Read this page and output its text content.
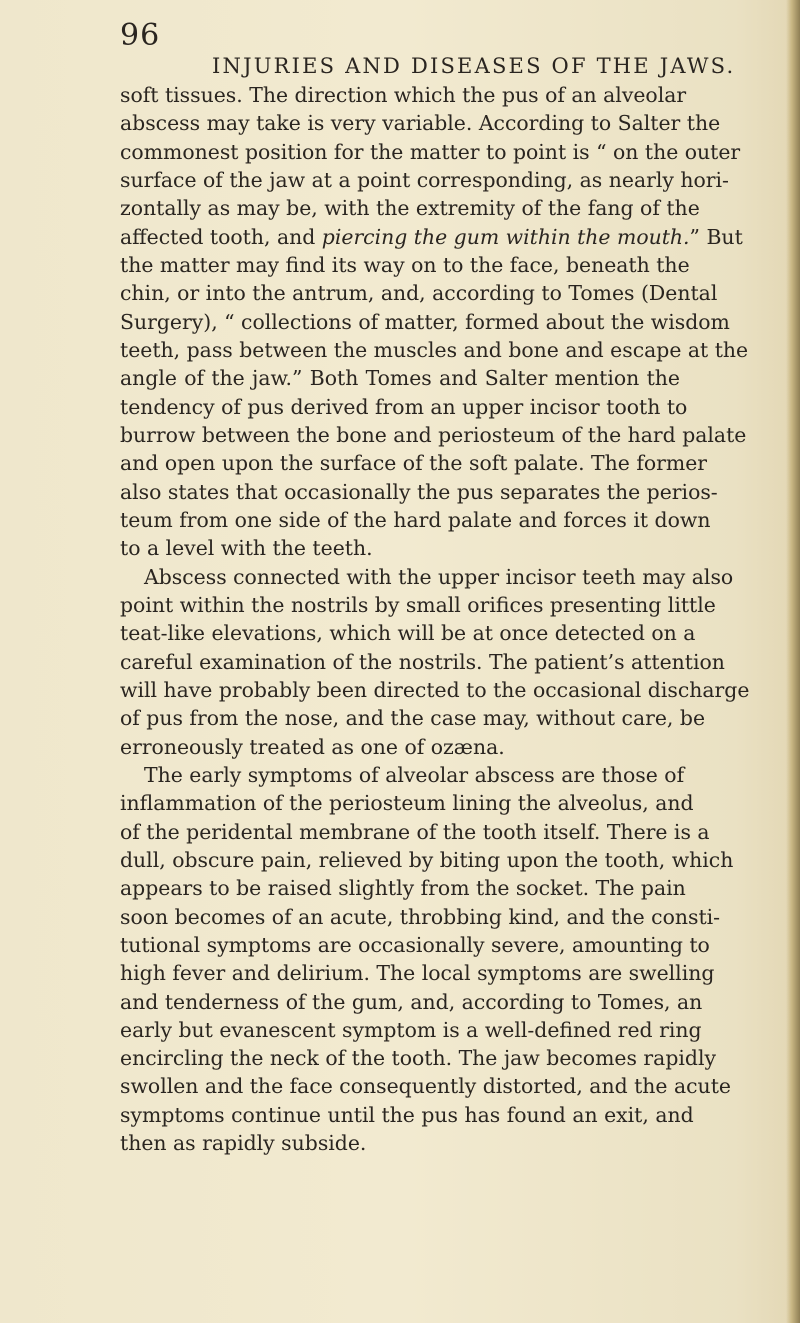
96
INJURIES AND DISEASES OF THE JAWS.
soft tissues. The direction which the pus of an alveolar
abscess may take is very variable. According to Salter the
commonest position for the matter to point is “ on the outer
surface of the jaw at a point corresponding, as nearly hori-
zontally as may be, with the extremity of the fang of the
affected tooth, and piercing the gum within the mouth.” But
the matter may find its way on to the face, beneath the
chin, or into the antrum, and, according to Tomes (Dental
Surgery), “ collections of matter, formed about the wisdom
teeth, pass between the muscles and bone and escape at the
angle of the jaw.” Both Tomes and Salter mention the
tendency of pus derived from an upper incisor tooth to
burrow between the bone and periosteum of the hard palate
and open upon the surface of the soft palate. The former
also states that occasionally the pus separates the perios-
teum from one side of the hard palate and forces it down
to a level with the teeth.
Abscess connected with the upper incisor teeth may also
point within the nostrils by small orifices presenting little
teat-like elevations, which will be at once detected on a
careful examination of the nostrils. The patient’s attention
will have probably been directed to the occasional discharge
of pus from the nose, and the case may, without care, be
erroneously treated as one of ozæna.
The early symptoms of alveolar abscess are those of
inflammation of the periosteum lining the alveolus, and
of the peridental membrane of the tooth itself. There is a
dull, obscure pain, relieved by biting upon the tooth, which
appears to be raised slightly from the socket. The pain
soon becomes of an acute, throbbing kind, and the consti-
tutional symptoms are occasionally severe, amounting to
high fever and delirium. The local symptoms are swelling
and tenderness of the gum, and, according to Tomes, an
early but evanescent symptom is a well-defined red ring
encircling the neck of the tooth. The jaw becomes rapidly
swollen and the face consequently distorted, and the acute
symptoms continue until the pus has found an exit, and
then as rapidly subside.
